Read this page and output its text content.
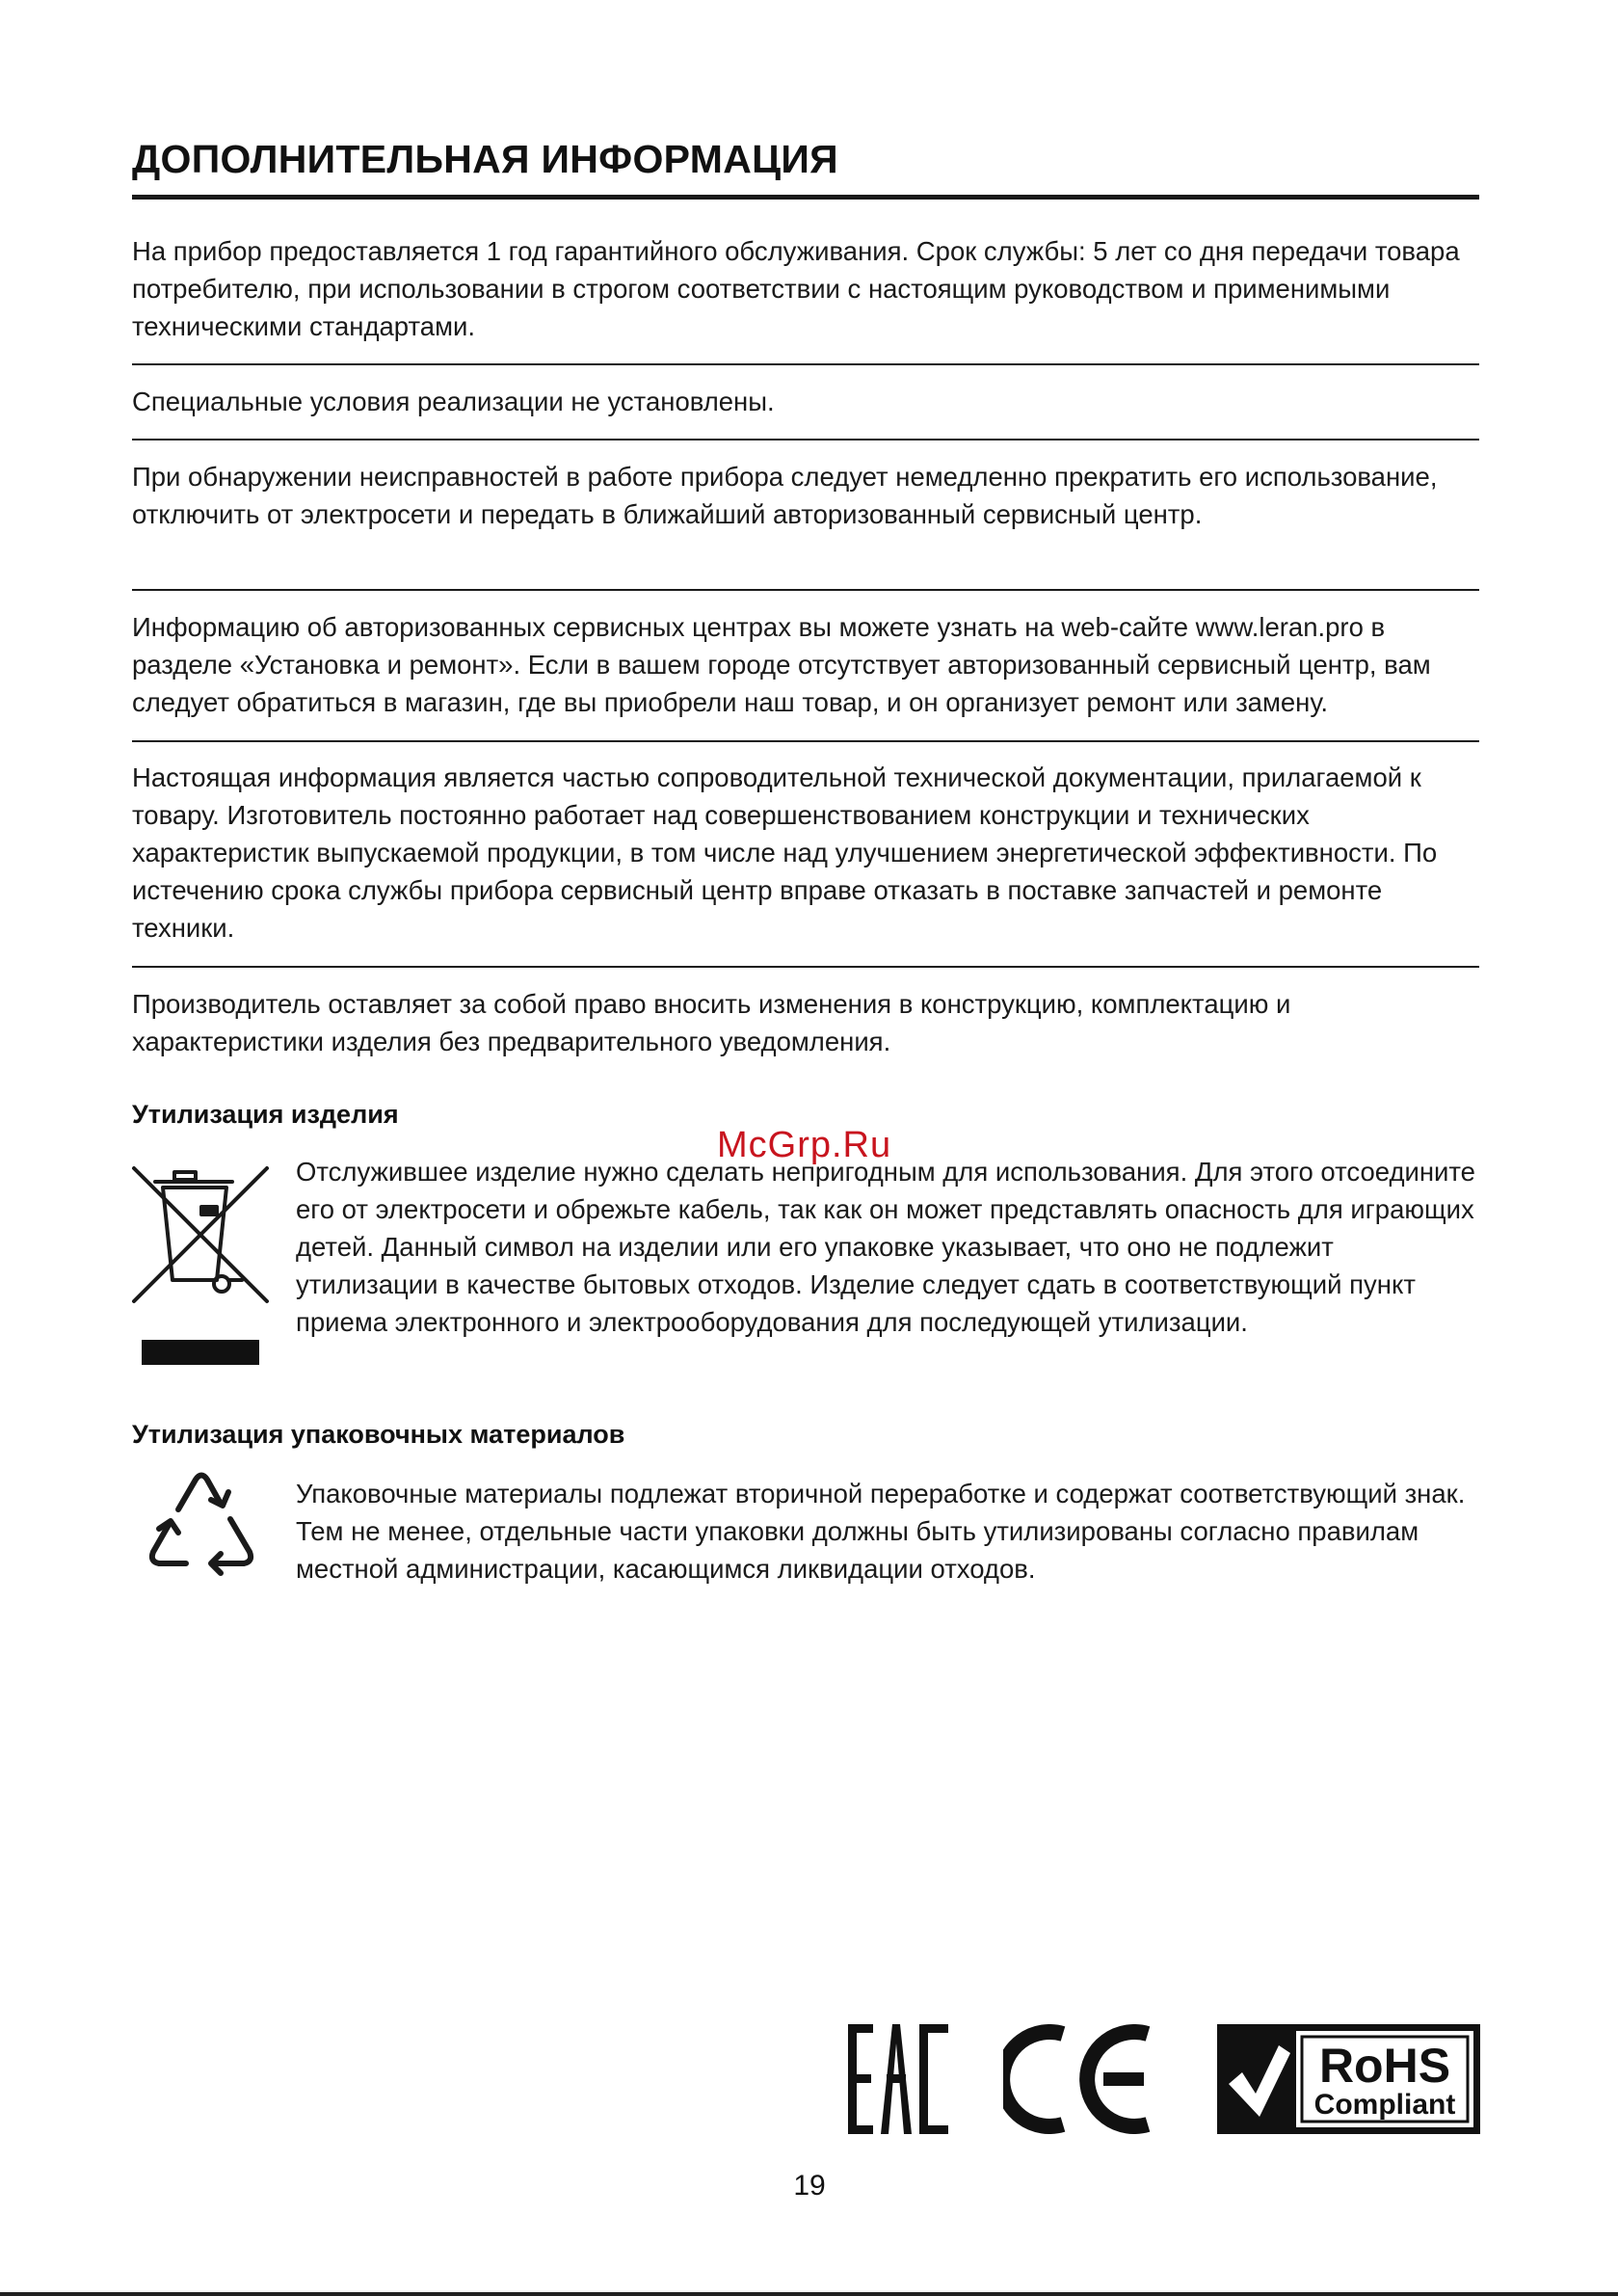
ДОПОЛНИТЕЛЬНАЯ ИНФОРМАЦИЯ
На прибор предоставляется 1 год гарантийного обслуживания. Срок службы: 5 лет со дня передачи товара потребителю, при использовании в строгом соответствии с настоящим руководством и применимыми техническими стандартами.
Специальные условия реализации не установлены.
При обнаружении неисправностей в работе прибора следует немедленно прекратить его использование, отключить от электросети и передать в ближайший авторизованный сервисный центр.
Информацию об авторизованных сервисных центрах вы можете узнать на web-сайте www.leran.pro в разделе «Установка и ремонт». Если в вашем городе отсутствует авторизованный сервисный центр, вам следует обратиться в магазин, где вы приобрели наш товар, и он организует ремонт или замену.
Настоящая информация является частью сопроводительной технической документации, прилагаемой к товару. Изготовитель постоянно работает над совершенствованием конструкции и технических характеристик выпускаемой продукции, в том числе над улучшением энергетической эффективности. По истечению срока службы прибора сервисный центр вправе отказать в поставке запчастей и ремонте техники.
Производитель оставляет за собой право вносить изменения в конструкцию, комплектацию и характеристики изделия без предварительного уведомления.
Утилизация изделия
McGrp.Ru
Отслужившее изделие нужно сделать непригодным для использования. Для этого отсоедините его от электросети и обрежьте кабель, так как он может представлять опасность для играющих детей. Данный символ на изделии или его упаковке указывает, что оно не подлежит утилизации в качестве бытовых отходов. Изделие следует сдать в соответствующий пункт приема электронного и электрооборудования для последующей утилизации.
Утилизация упаковочных материалов
Упаковочные материалы подлежат вторичной переработке и содержат соответствующий знак. Тем не менее, отдельные части упаковки должны быть утилизированы согласно правилам местной администрации, касающимся ликвидации отходов.
RoHS
Compliant
19
